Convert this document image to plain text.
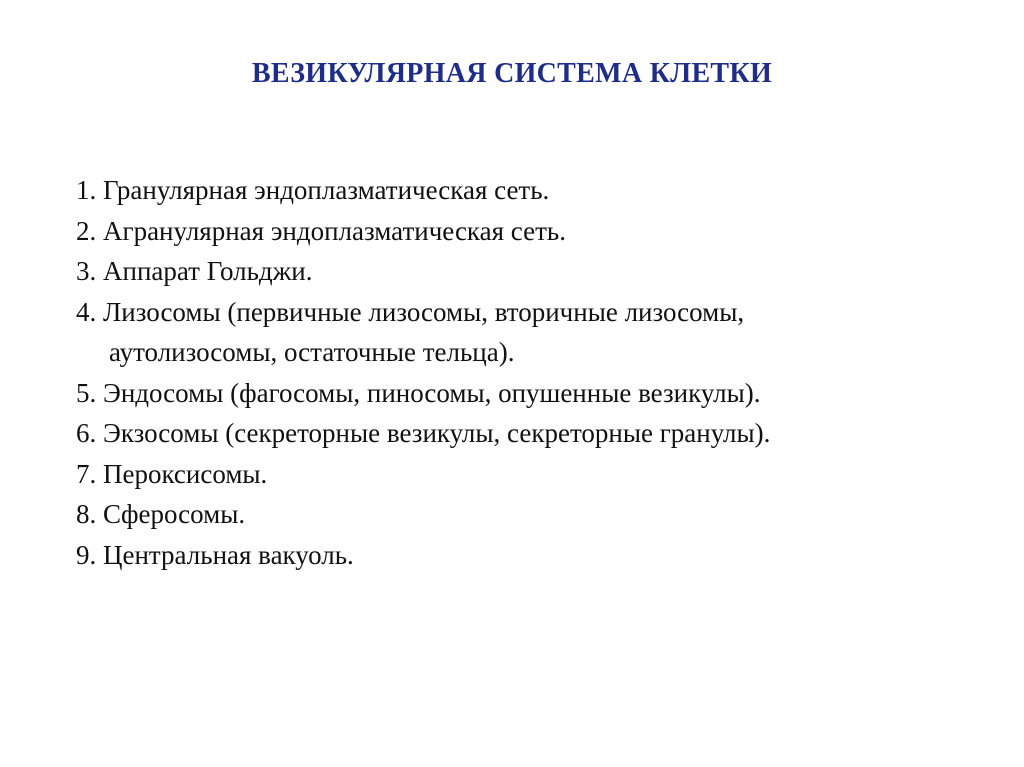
ВЕЗИКУЛЯРНАЯ СИСТЕМА КЛЕТКИ
1. Гранулярная эндоплазматическая сеть.
2. Агранулярная эндоплазматическая сеть.
3. Аппарат Гольджи.
4. Лизосомы (первичные лизосомы, вторичные лизосомы,
аутолизосомы, остаточные тельца).
5. Эндосомы (фагосомы, пиносомы, опушенные везикулы).
6. Экзосомы (секреторные везикулы, секреторные гранулы).
7. Пероксисомы.
8. Сферосомы.
9. Центральная вакуоль.
